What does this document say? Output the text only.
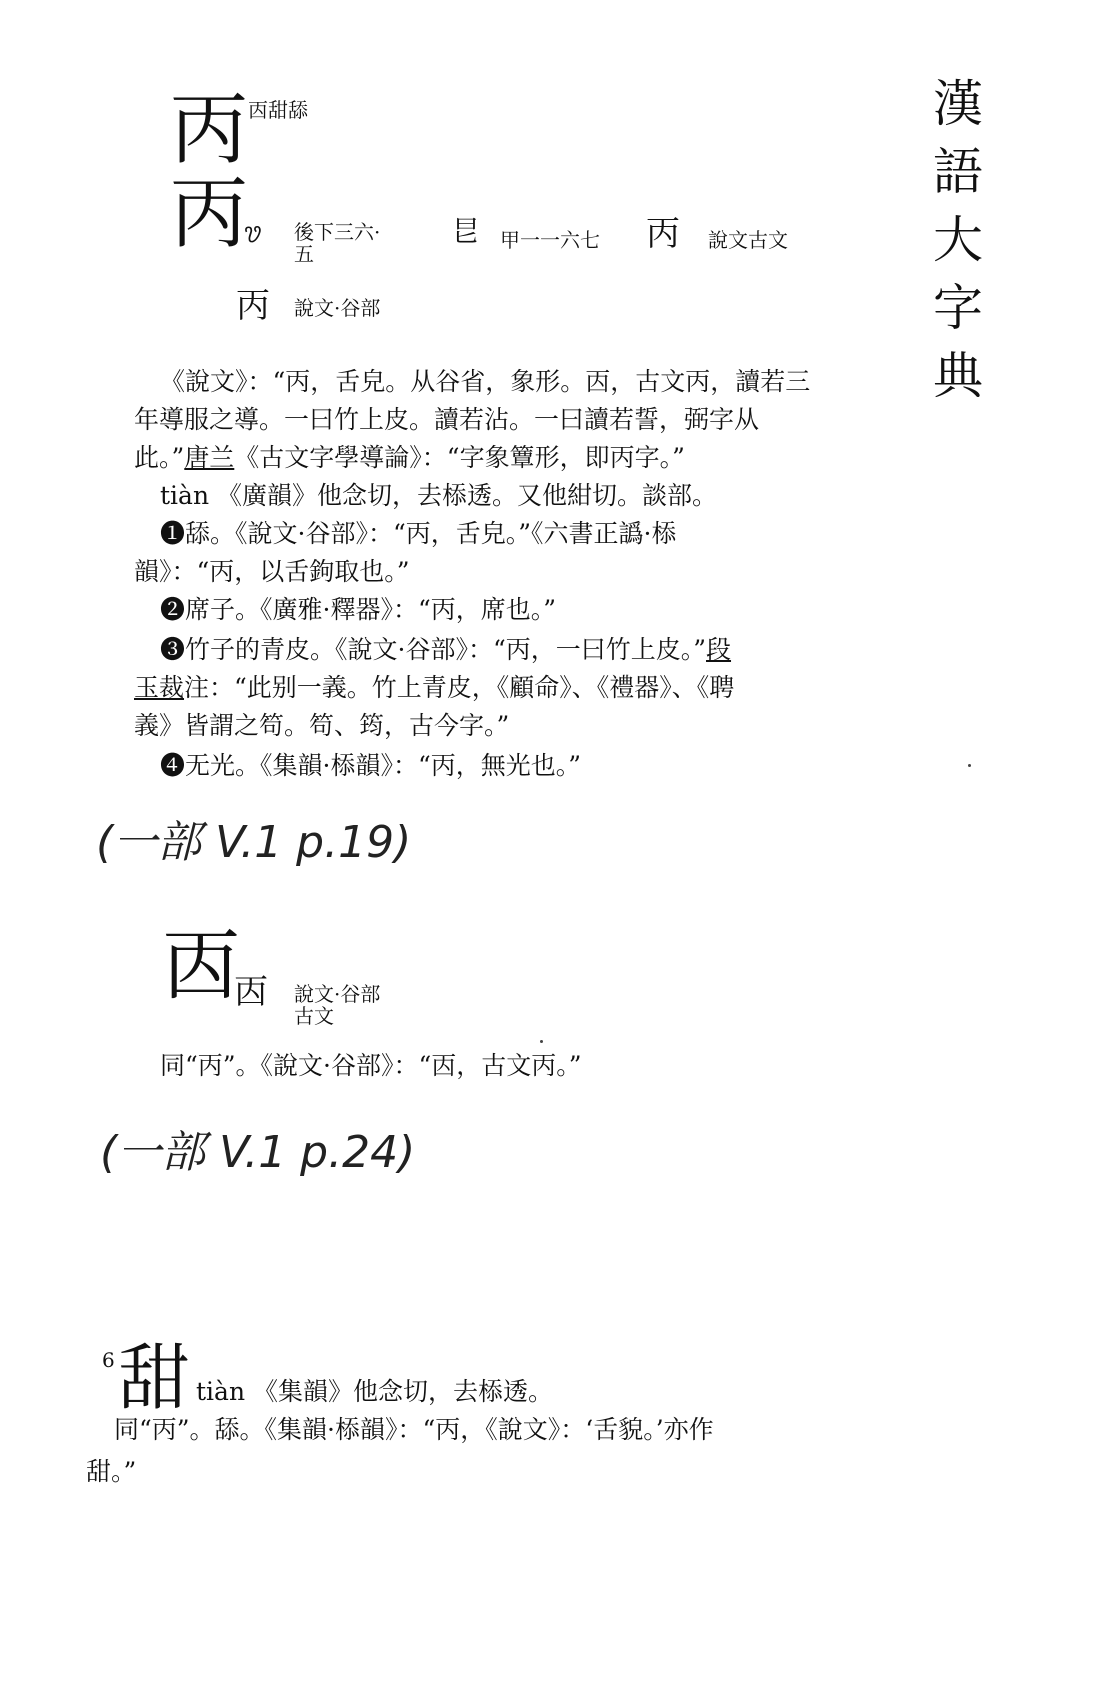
漢
語
大
字
典
丙 㐁甜舔
丙
🝣 後下三六·
五
㫐 甲一一六七 丙 說文古文
丙 說文·谷部
《說文》：“丙，舌皃。从谷省，象形。㐁，古文丙，讀若三
年導服之導。一曰竹上皮。讀若沾。一曰讀若誓，弼字从
此。”唐兰《古文字學導論》：“字象簟形，即丙字。”
tiàn 《廣韻》他念切，去㮇透。又他紺切。談部。
❶舔。《說文·谷部》：“丙，舌皃。”《六書正譌·㮇
韻》：“丙，以舌鉤取也。”
❷席子。《廣雅·釋器》：“丙，席也。”
❸竹子的青皮。《說文·谷部》：“丙，一曰竹上皮。”段
玉裁注：“此别一義。竹上青皮，《顧命》、《禮器》、《聘
義》皆謂之笱。笱、筠，古今字。”
❹无光。《集韻·㮇韻》：“丙，無光也。”
(一部 V.1 p.19)
㐁
㐁 說文·谷部
古文
同“丙”。《說文·谷部》：“㐁，古文丙。”
(一部 V.1 p.24)
6 甜 tiàn 《集韻》他念切，去㮇透。
同“丙”。舔。《集韻·㮇韻》：“丙，《說文》：‘舌貌。’亦作
甜。”
